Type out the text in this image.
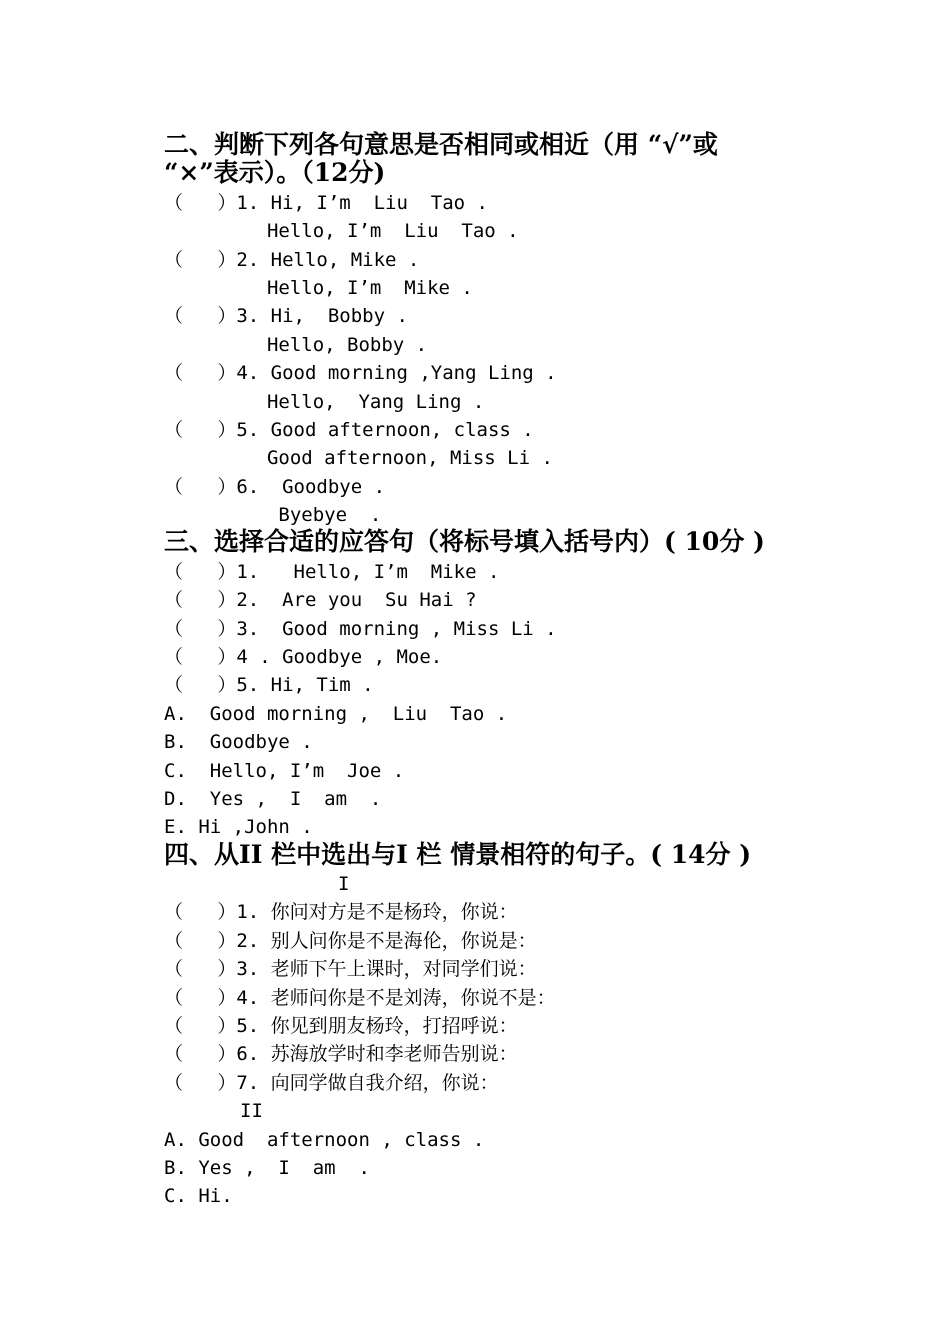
二、判断下列各句意思是否相同或相近（用 “√”或
“×”表示）。（12分)
（   ）1. Hi, I’m  Liu  Tao .
Hello, I’m  Liu  Tao .
（   ）2. Hello, Mike .
Hello, I’m  Mike .
（   ）3. Hi,  Bobby .
Hello, Bobby .
（   ）4. Good morning ,Yang Ling .
Hello,  Yang Ling .
（   ）5. Good afternoon, class .
Good afternoon, Miss Li .
（   ）6.  Goodbye .
Byebye  .
三、选择合适的应答句（将标号填入括号内）( 10分 )
（   ）1.   Hello, I’m  Mike .
（   ）2.  Are you  Su Hai ?
（   ）3.  Good morning , Miss Li .
（   ）4 . Goodbye , Moe.
（   ）5. Hi, Tim .
A.  Good morning ,  Liu  Tao .
B.  Goodbye .
C.  Hello, I’m  Joe .
D.  Yes ,  I  am  .
E. Hi ,John .
四、从II 栏中选出与I 栏 情景相符的句子。( 14分 )
I
（   ）1. 你问对方是不是杨玲，你说：
（   ）2. 别人问你是不是海伦，你说是：
（   ）3. 老师下午上课时，对同学们说：
（   ）4. 老师问你是不是刘涛，你说不是：
（   ）5. 你见到朋友杨玲，打招呼说：
（   ）6. 苏海放学时和李老师告别说：
（   ）7. 向同学做自我介绍，你说：
II
A. Good  afternoon , class .
B. Yes ,  I  am  .
C. Hi.
